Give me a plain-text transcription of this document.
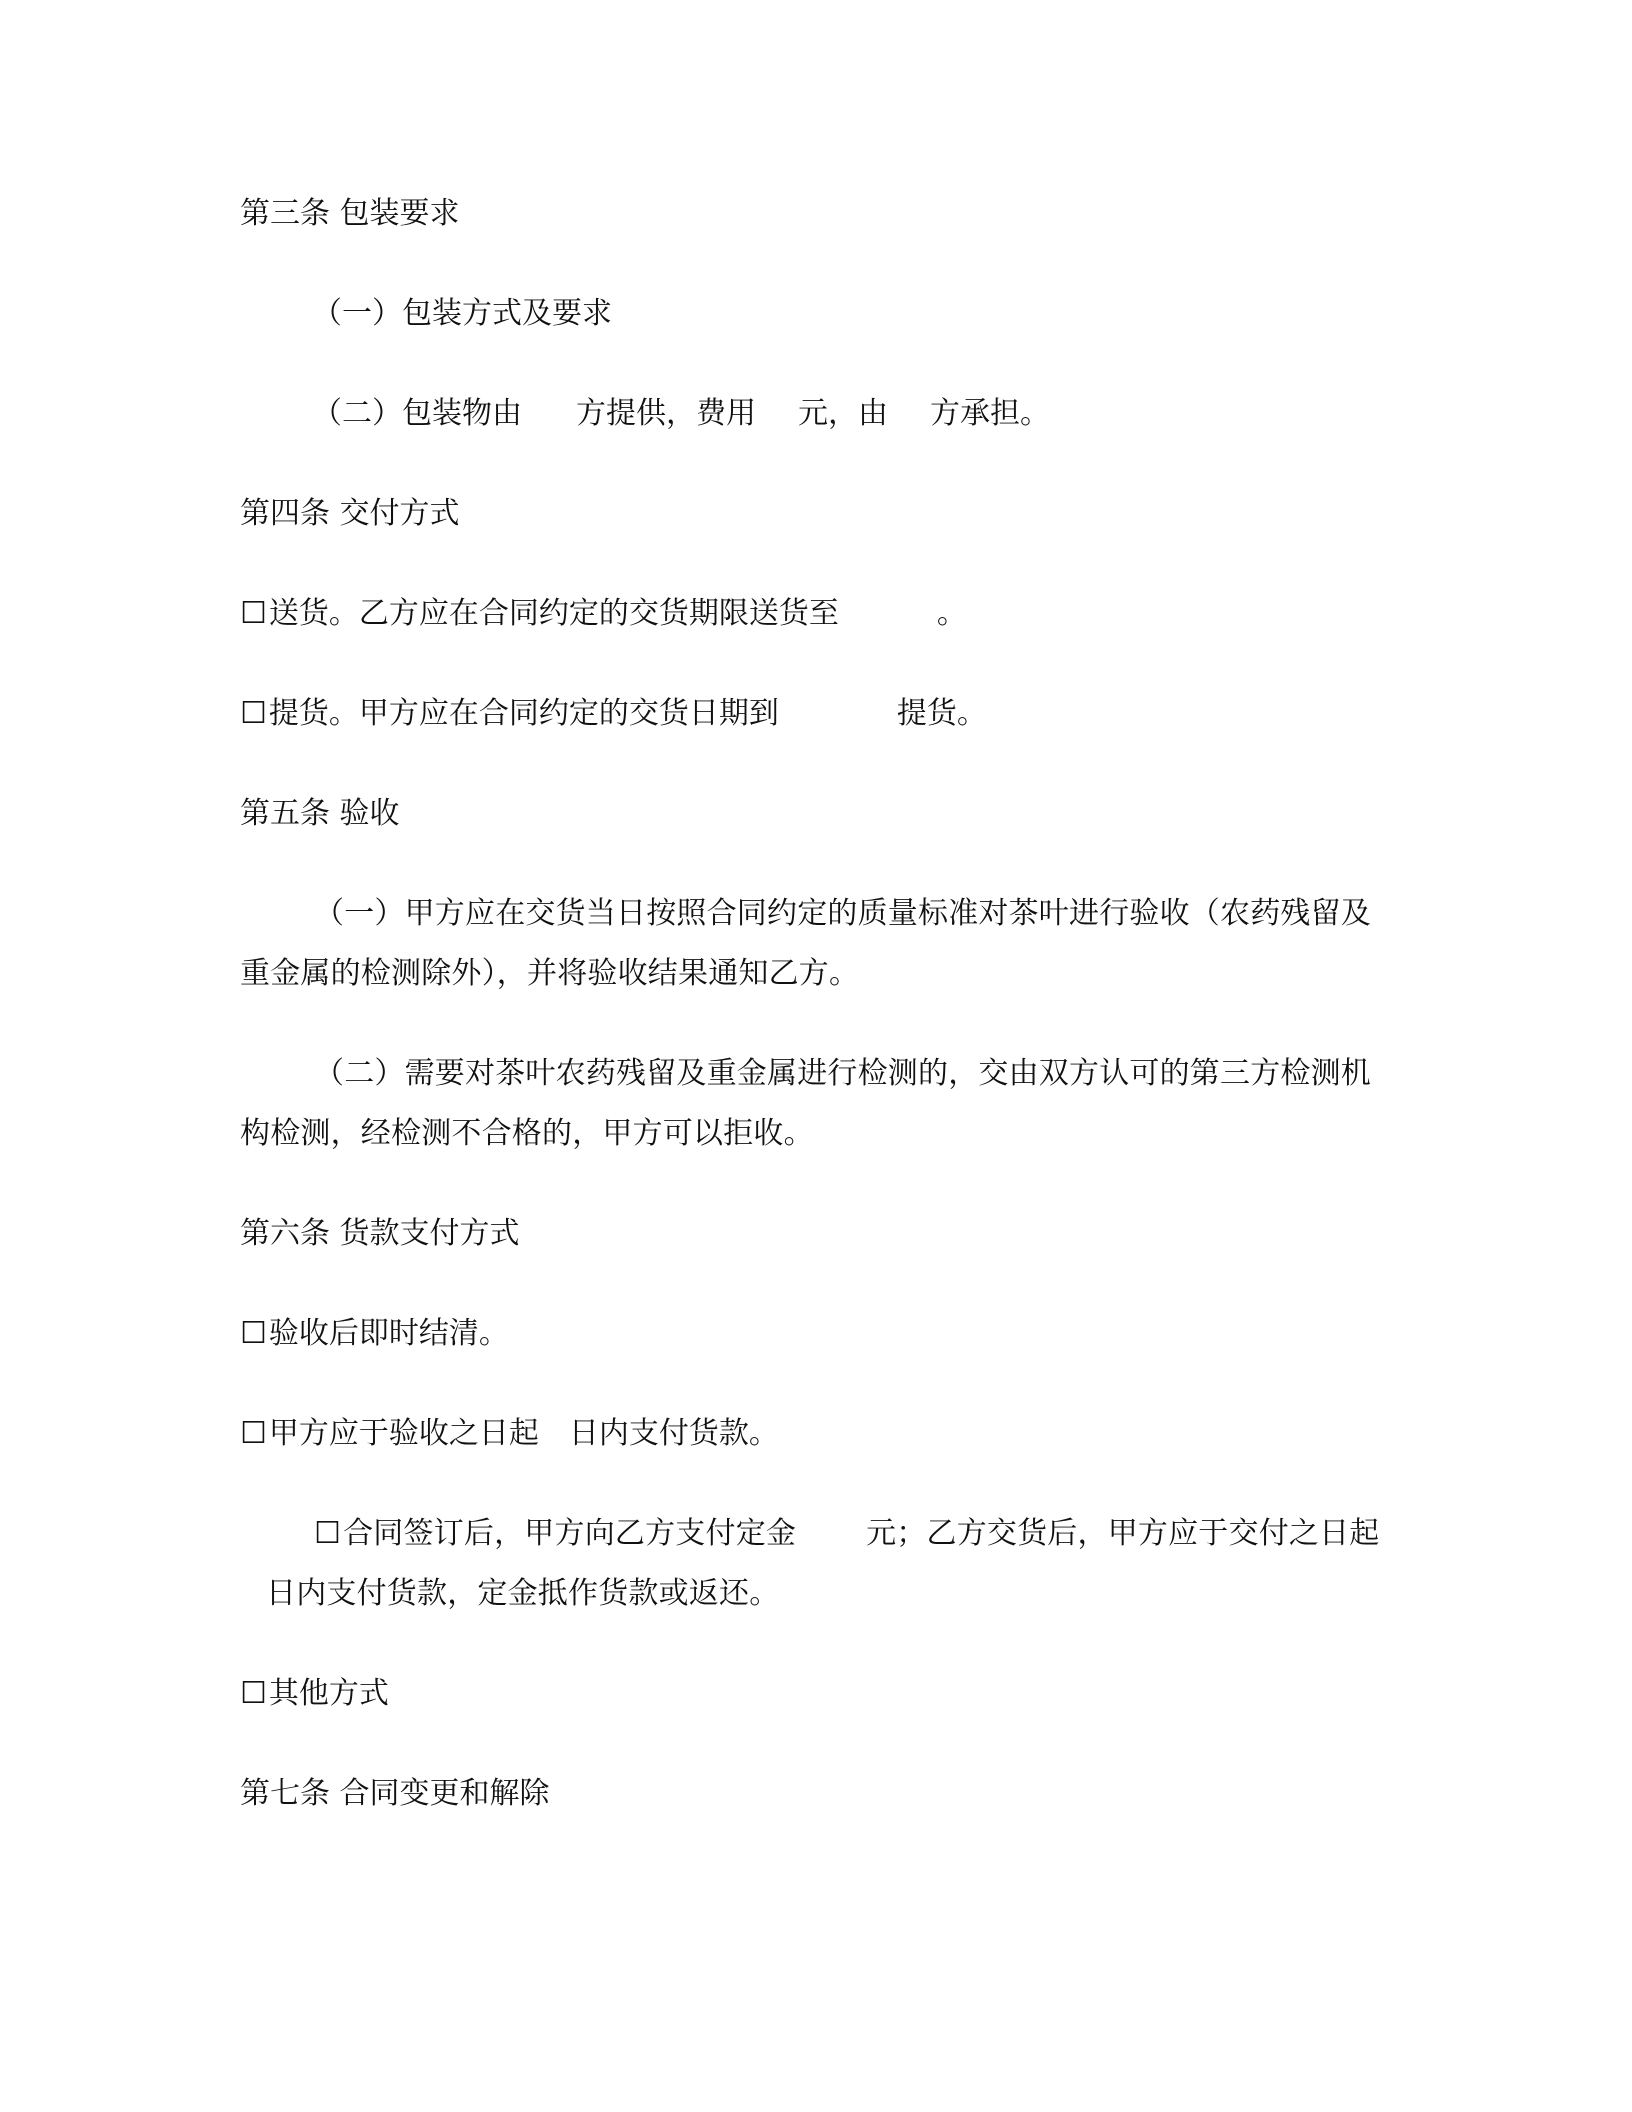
第三条 包装要求
（一）包装方式及要求
（二）包装物由 方提供，费用 元，由 方承担。
第四条 交付方式
☐送货。乙方应在合同约定的交货期限送货至	。
☐提货。甲方应在合同约定的交货日期到	提货。
第五条 验收
（一）甲方应在交货当日按照合同约定的质量标准对茶叶进行验收（农药残留及重金属的检测除外），并将验收结果通知乙方。
（二）需要对茶叶农药残留及重金属进行检测的，交由双方认可的第三方检测机构检测，经检测不合格的，甲方可以拒收。
第六条 货款支付方式
☐验收后即时结清。
☐甲方应于验收之日起 日内支付货款。
☐合同签订后，甲方向乙方支付定金 元；乙方交货后，甲方应于交付之日起日内支付货款，定金抵作货款或返还。
☐其他方式
第七条 合同变更和解除
